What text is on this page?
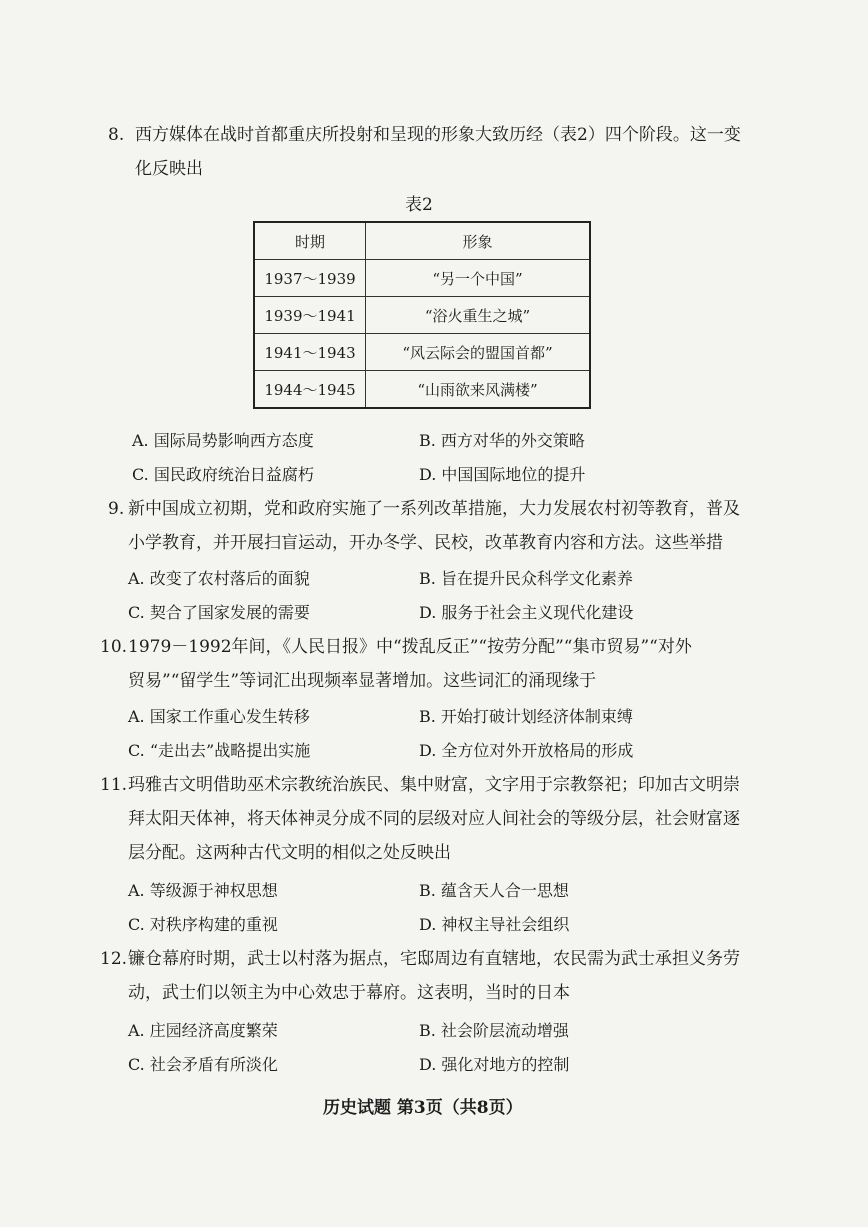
8. 西方媒体在战时首都重庆所投射和呈现的形象大致历经（表2）四个阶段。这一变
化反映出
表2
时期	形象
1937～1939	“另一个中国”
1939～1941	“浴火重生之城”
1941～1943	“风云际会的盟国首都”
1944～1945	“山雨欲来风满楼”
A. 国际局势影响西方态度	B. 西方对华的外交策略
C. 国民政府统治日益腐朽	D. 中国国际地位的提升
9. 新中国成立初期，党和政府实施了一系列改革措施，大力发展农村初等教育，普及
小学教育，并开展扫盲运动，开办冬学、民校，改革教育内容和方法。这些举措
A. 改变了农村落后的面貌	B. 旨在提升民众科学文化素养
C. 契合了国家发展的需要	D. 服务于社会主义现代化建设
10. 1979－1992年间，《人民日报》中“拨乱反正”“按劳分配”“集市贸易”“对外
贸易”“留学生”等词汇出现频率显著增加。这些词汇的涌现缘于
A. 国家工作重心发生转移	B. 开始打破计划经济体制束缚
C. “走出去”战略提出实施	D. 全方位对外开放格局的形成
11. 玛雅古文明借助巫术宗教统治族民、集中财富，文字用于宗教祭祀；印加古文明崇
拜太阳天体神，将天体神灵分成不同的层级对应人间社会的等级分层，社会财富逐
层分配。这两种古代文明的相似之处反映出
A. 等级源于神权思想	B. 蕴含天人合一思想
C. 对秩序构建的重视	D. 神权主导社会组织
12. 镰仓幕府时期，武士以村落为据点，宅邸周边有直辖地，农民需为武士承担义务劳
动，武士们以领主为中心效忠于幕府。这表明，当时的日本
A. 庄园经济高度繁荣	B. 社会阶层流动增强
C. 社会矛盾有所淡化	D. 强化对地方的控制
历史试题 第3页（共8页）
